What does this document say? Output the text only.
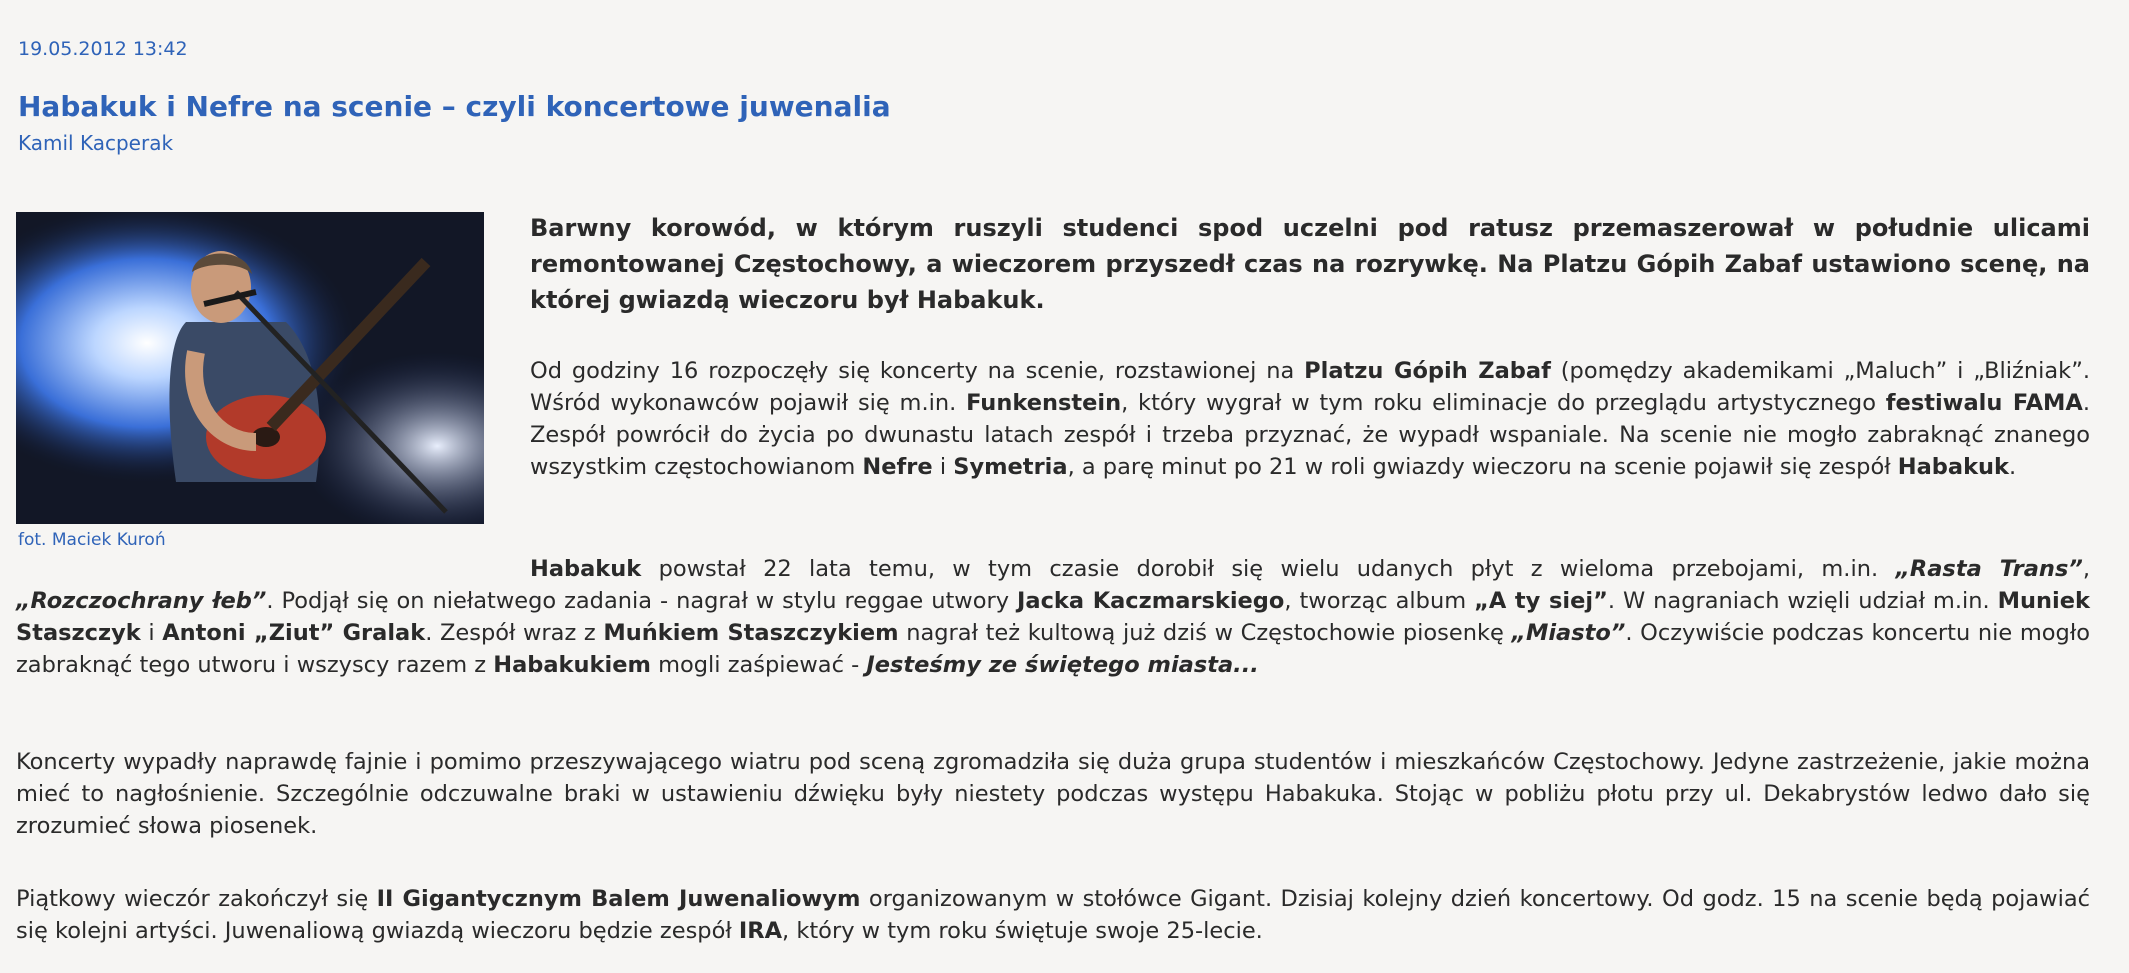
19.05.2012 13:42
Habakuk i Nefre na scenie – czyli koncertowe juwenalia
Kamil Kacperak
fot. Maciek Kuroń

Barwny korowód, w którym ruszyli studenci spod uczelni pod ratusz przemaszerował w południe ulicami remontowanej Częstochowy, a wieczorem przyszedł czas na rozrywkę. Na Platzu Gópih Zabaf ustawiono scenę, na której gwiazdą wieczoru był Habakuk.

Od godziny 16 rozpoczęły się koncerty na scenie, rozstawionej na Platzu Gópih Zabaf (pomędzy akademikami „Maluch” i „Bliźniak”. Wśród wykonawców pojawił się m.in. Funkenstein, który wygrał w tym roku eliminacje do przeglądu artystycznego festiwalu FAMA. Zespół powrócił do życia po dwunastu latach zespół i trzeba przyznać, że wypadł wspaniale. Na scenie nie mogło zabraknąć znanego wszystkim częstochowianom Nefre i Symetria, a parę minut po 21 w roli gwiazdy wieczoru na scenie pojawił się zespół Habakuk.

Habakuk powstał 22 lata temu, w tym czasie dorobił się wielu udanych płyt z wieloma przebojami, m.in. „Rasta Trans”, „Rozczochrany łeb”. Podjął się on niełatwego zadania - nagrał w stylu reggae utwory Jacka Kaczmarskiego, tworząc album „A ty siej”. W nagraniach wzięli udział m.in. Muniek Staszczyk i Antoni „Ziut” Gralak. Zespół wraz z Muńkiem Staszczykiem nagrał też kultową już dziś w Częstochowie piosenkę „Miasto”. Oczywiście podczas koncertu nie mogło zabraknąć tego utworu i wszyscy razem z Habakukiem mogli zaśpiewać - Jesteśmy ze świętego miasta...

Koncerty wypadły naprawdę fajnie i pomimo przeszywającego wiatru pod sceną zgromadziła się duża grupa studentów i mieszkańców Częstochowy. Jedyne zastrzeżenie, jakie można mieć to nagłośnienie. Szczególnie odczuwalne braki w ustawieniu dźwięku były niestety podczas występu Habakuka. Stojąc w pobliżu płotu przy ul. Dekabrystów ledwo dało się zrozumieć słowa piosenek.

Piątkowy wieczór zakończył się II Gigantycznym Balem Juwenaliowym organizowanym w stołówce Gigant. Dzisiaj kolejny dzień koncertowy. Od godz. 15 na scenie będą pojawiać się kolejni artyści. Juwenaliową gwiazdą wieczoru będzie zespół IRA, który w tym roku świętuje swoje 25-lecie.
